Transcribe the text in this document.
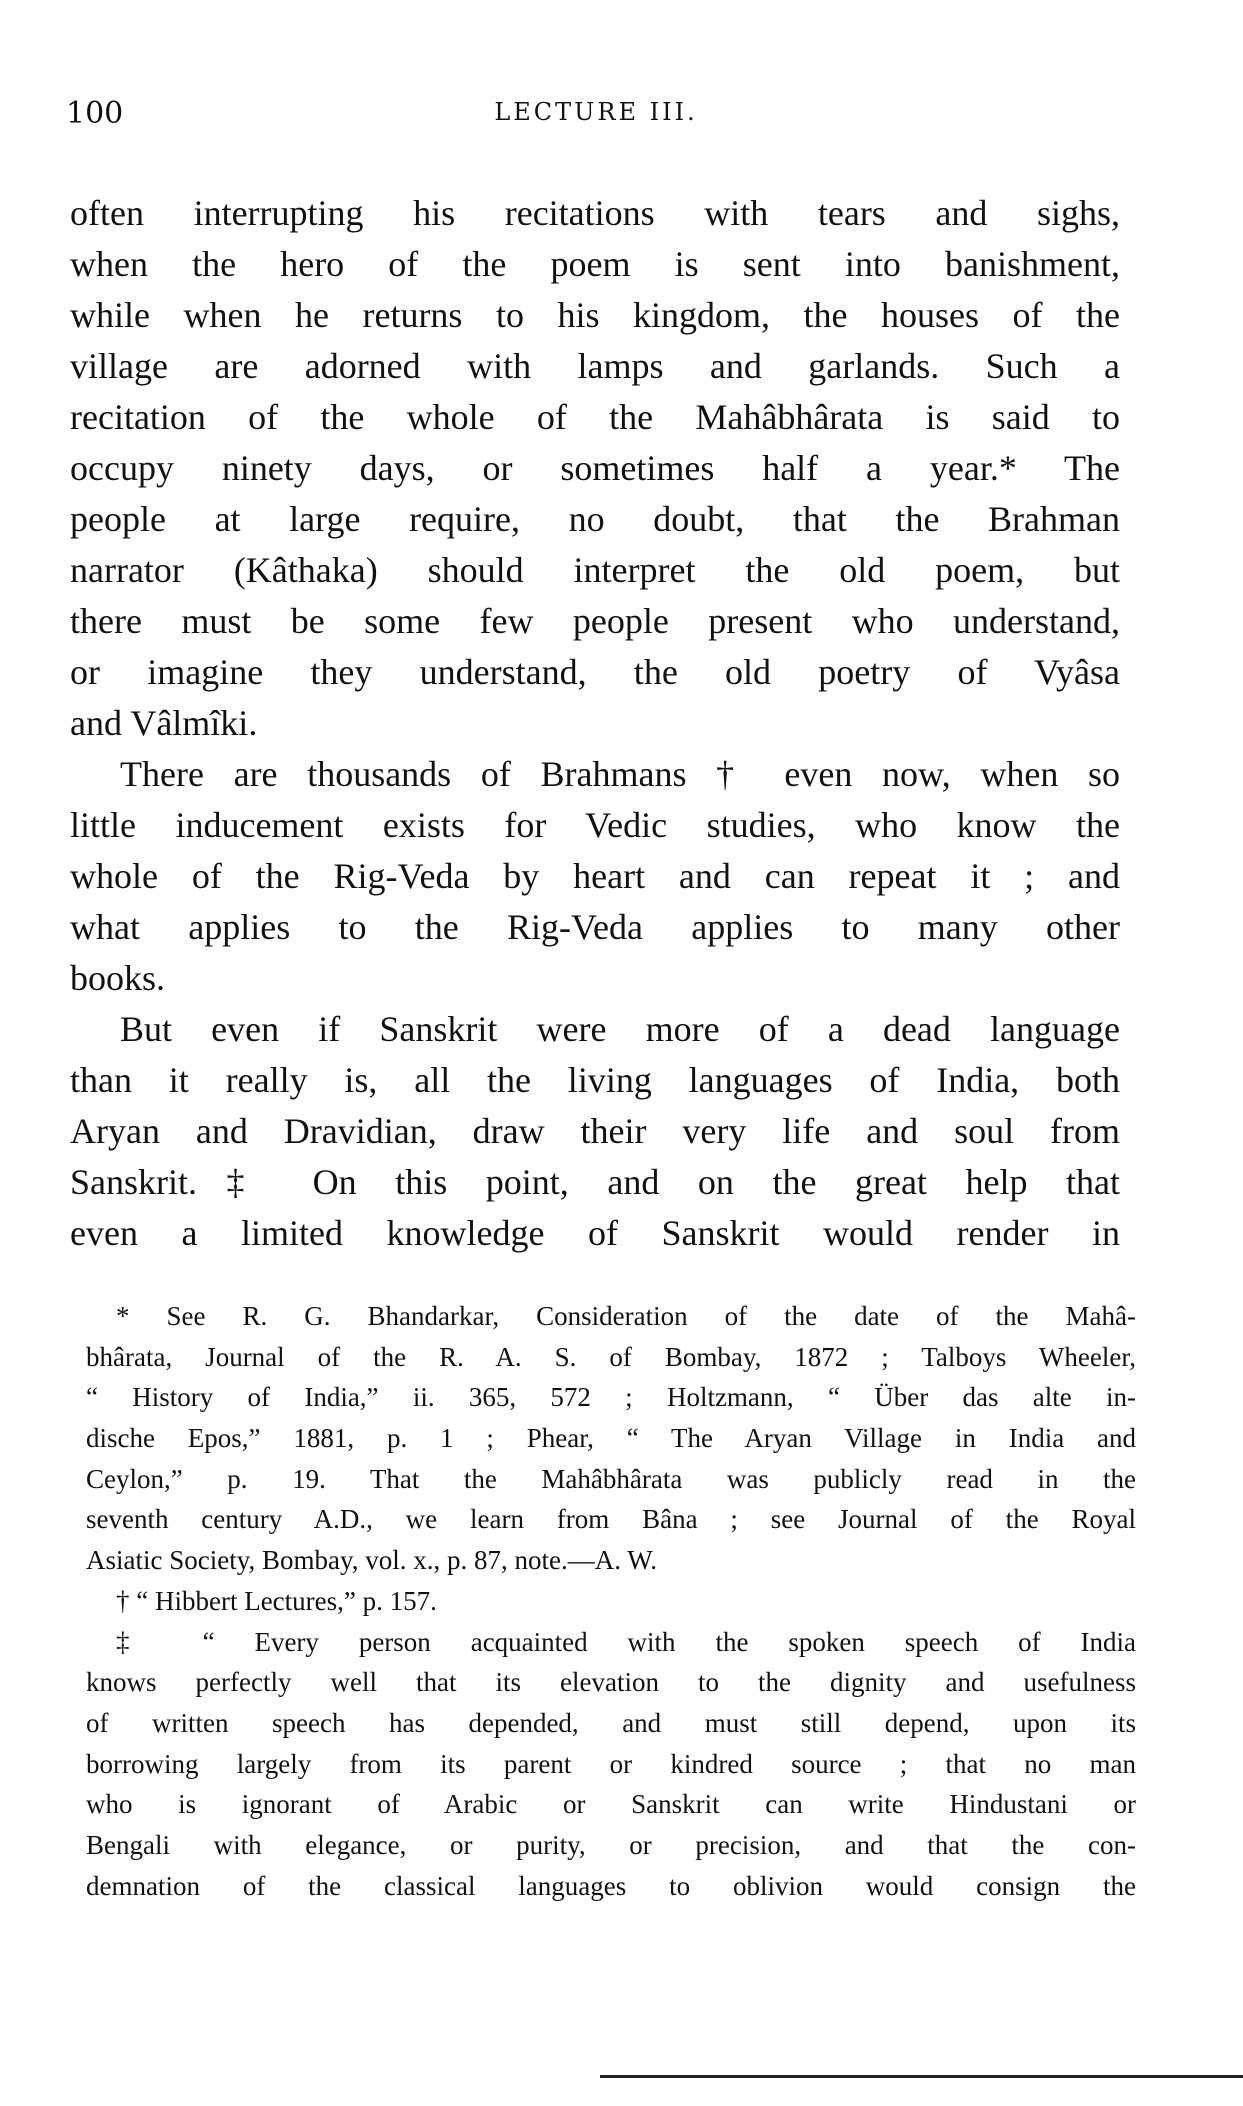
100	LECTURE III.
often interrupting his recitations with tears and sighs,
when the hero of the poem is sent into banishment,
while when he returns to his kingdom, the houses of the
village are adorned with lamps and garlands. Such a
recitation of the whole of the Mahâbhârata is said to
occupy ninety days, or sometimes half a year.* The
people at large require, no doubt, that the Brahman
narrator (Kâthaka) should interpret the old poem, but
there must be some few people present who understand,
or imagine they understand, the old poetry of Vyâsa
and Vâlmîki.
There are thousands of Brahmans † even now, when so
little inducement exists for Vedic studies, who know the
whole of the Rig-Veda by heart and can repeat it ; and
what applies to the Rig-Veda applies to many other
books.
But even if Sanskrit were more of a dead language
than it really is, all the living languages of India, both
Aryan and Dravidian, draw their very life and soul from
Sanskrit.‡ On this point, and on the great help that
even a limited knowledge of Sanskrit would render in
* See R. G. Bhandarkar, Consideration of the date of the Mahâ-
bhârata, Journal of the R. A. S. of Bombay, 1872 ; Talboys Wheeler,
“ History of India,” ii. 365, 572 ; Holtzmann, “ Über das alte in-
dische Epos,” 1881, p. 1 ; Phear, “ The Aryan Village in India and
Ceylon,” p. 19. That the Mahâbhârata was publicly read in the
seventh century A.D., we learn from Bâna ; see Journal of the Royal
Asiatic Society, Bombay, vol. x., p. 87, note.—A. W.
† “ Hibbert Lectures,” p. 157.
‡ “ Every person acquainted with the spoken speech of India
knows perfectly well that its elevation to the dignity and usefulness
of written speech has depended, and must still depend, upon its
borrowing largely from its parent or kindred source ; that no man
who is ignorant of Arabic or Sanskrit can write Hindustani or
Bengali with elegance, or purity, or precision, and that the con-
demnation of the classical languages to oblivion would consign the
